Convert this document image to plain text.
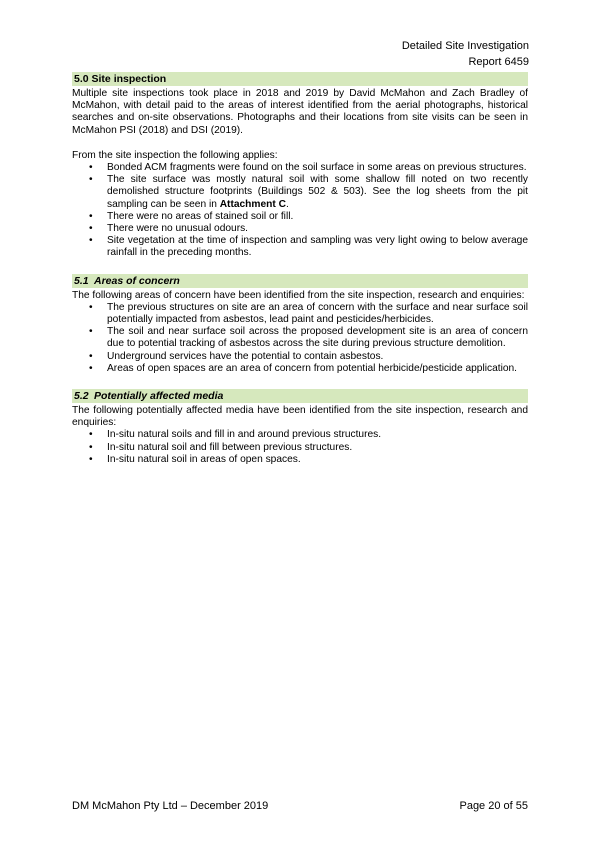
Detailed Site Investigation
Report 6459
5.0 Site inspection

Multiple site inspections took place in 2018 and 2019 by David McMahon and Zach Bradley of McMahon, with detail paid to the areas of interest identified from the aerial photographs, historical searches and on-site observations. Photographs and their locations from site visits can be seen in McMahon PSI (2018) and DSI (2019).

From the site inspection the following applies:

• Bonded ACM fragments were found on the soil surface in some areas on previous structures.
• The site surface was mostly natural soil with some shallow fill noted on two recently demolished structure footprints (Buildings 502 & 503). See the log sheets from the pit sampling can be seen in Attachment C.
• There were no areas of stained soil or fill.
• There were no unusual odours.
• Site vegetation at the time of inspection and sampling was very light owing to below average rainfall in the preceding months.
5.1 Areas of concern

The following areas of concern have been identified from the site inspection, research and enquiries:

• The previous structures on site are an area of concern with the surface and near surface soil potentially impacted from asbestos, lead paint and pesticides/herbicides.
• The soil and near surface soil across the proposed development site is an area of concern due to potential tracking of asbestos across the site during previous structure demolition.
• Underground services have the potential to contain asbestos.
• Areas of open spaces are an area of concern from potential herbicide/pesticide application.
5.2 Potentially affected media

The following potentially affected media have been identified from the site inspection, research and enquiries:

• In-situ natural soils and fill in and around previous structures.
• In-situ natural soil and fill between previous structures.
• In-situ natural soil in areas of open spaces.
DM McMahon Pty Ltd – December 2019	Page 20 of 55
